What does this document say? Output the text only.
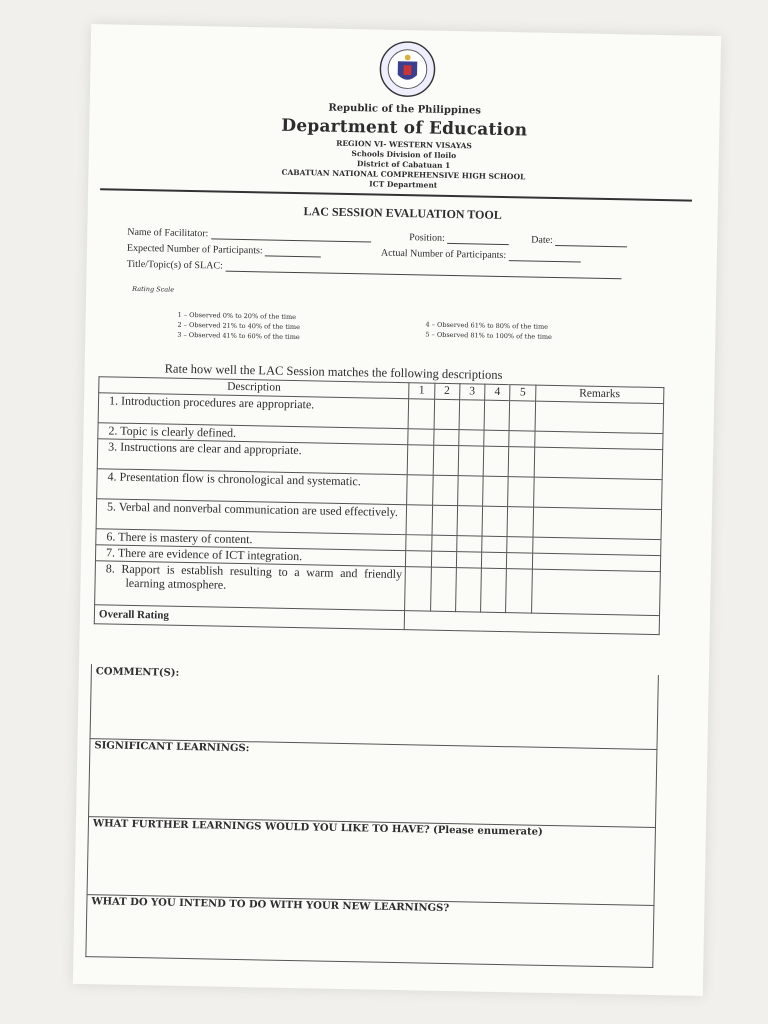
Republic of the Philippines
Department of Education
REGION VI- WESTERN VISAYAS
Schools Division of Iloilo
District of Cabatuan 1
CABATUAN NATIONAL COMPREHENSIVE HIGH SCHOOL
ICT Department
LAC SESSION EVALUATION TOOL
Name of Facilitator:	Position:	Date:
Expected Number of Participants:	Actual Number of Participants:
Title/Topic(s) of SLAC:
Rating Scale
1 – Observed 0% to 20% of the time
2 – Observed 21% to 40% of the time
3 – Observed 41% to 60% of the time
4 – Observed 61% to 80% of the time
5 – Observed 81% to 100% of the time
Rate how well the LAC Session matches the following descriptions
Description	1	2	3	4	5	Remarks
1. Introduction procedures are appropriate.						
2. Topic is clearly defined.						
3. Instructions are clear and appropriate.						
4. Presentation flow is chronological and systematic.						
5. Verbal and nonverbal communication are used effectively.						
6. There is mastery of content.						
7. There are evidence of ICT integration.						
8. Rapport is establish resulting to a warm and friendly learning atmosphere.						
Overall Rating						
COMMENT(S):
SIGNIFICANT LEARNINGS:
WHAT FURTHER LEARNINGS WOULD YOU LIKE TO HAVE? (Please enumerate)
WHAT DO YOU INTEND TO DO WITH YOUR NEW LEARNINGS?
